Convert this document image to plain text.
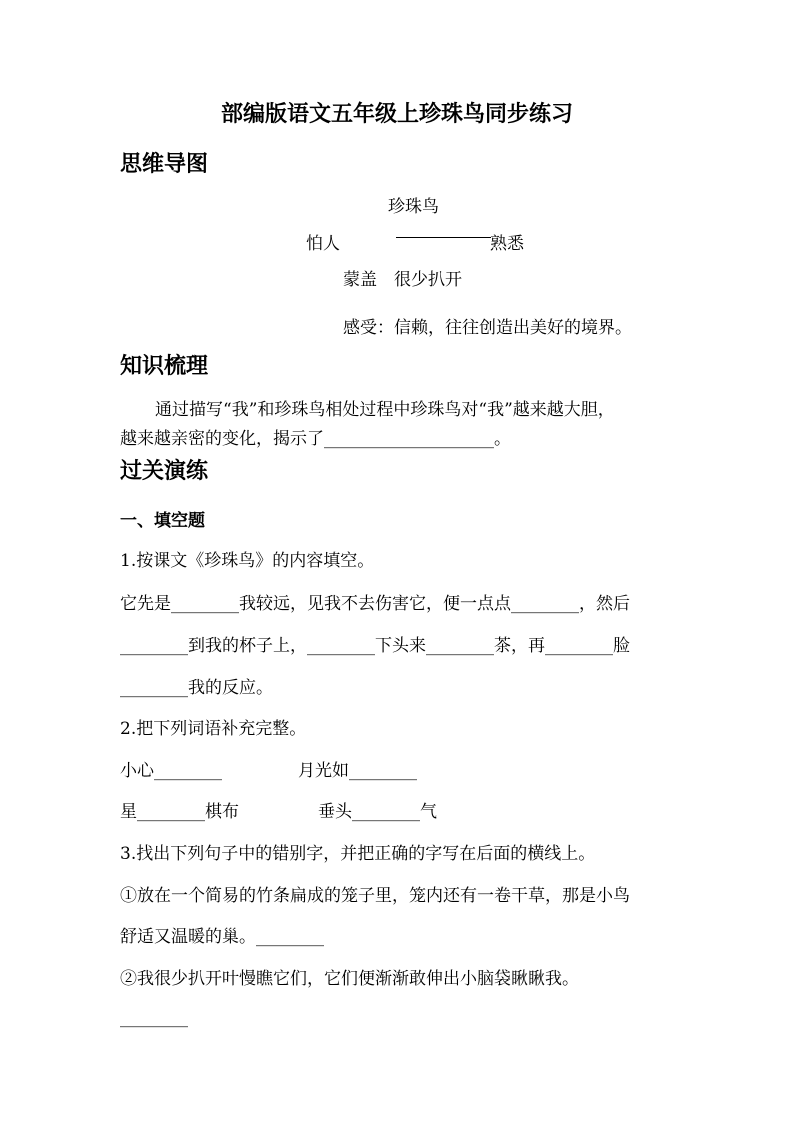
部编版语文五年级上珍珠鸟同步练习
思维导图
珍珠鸟
怕人	熟悉
蒙盖　很少扒开
感受：信赖，往往创造出美好的境界。
知识梳理
通过描写“我”和珍珠鸟相处过程中珍珠鸟对“我”越来越大胆，
越来越亲密的变化，揭示了____________________。
过关演练
一、填空题
1.按课文《珍珠鸟》的内容填空。
它先是________我较远，见我不去伤害它，便一点点________，然后
________到我的杯子上，________下头来________茶，再________脸
________我的反应。
2.把下列词语补充完整。
小心________	月光如________
星________棋布	垂头________气
3.找出下列句子中的错别字，并把正确的字写在后面的横线上。
①放在一个简易的竹条扁成的笼子里，笼内还有一卷干草，那是小鸟
舒适又温暖的巢。________
②我很少扒开叶慢瞧它们，它们便渐渐敢伸出小脑袋瞅瞅我。
________
